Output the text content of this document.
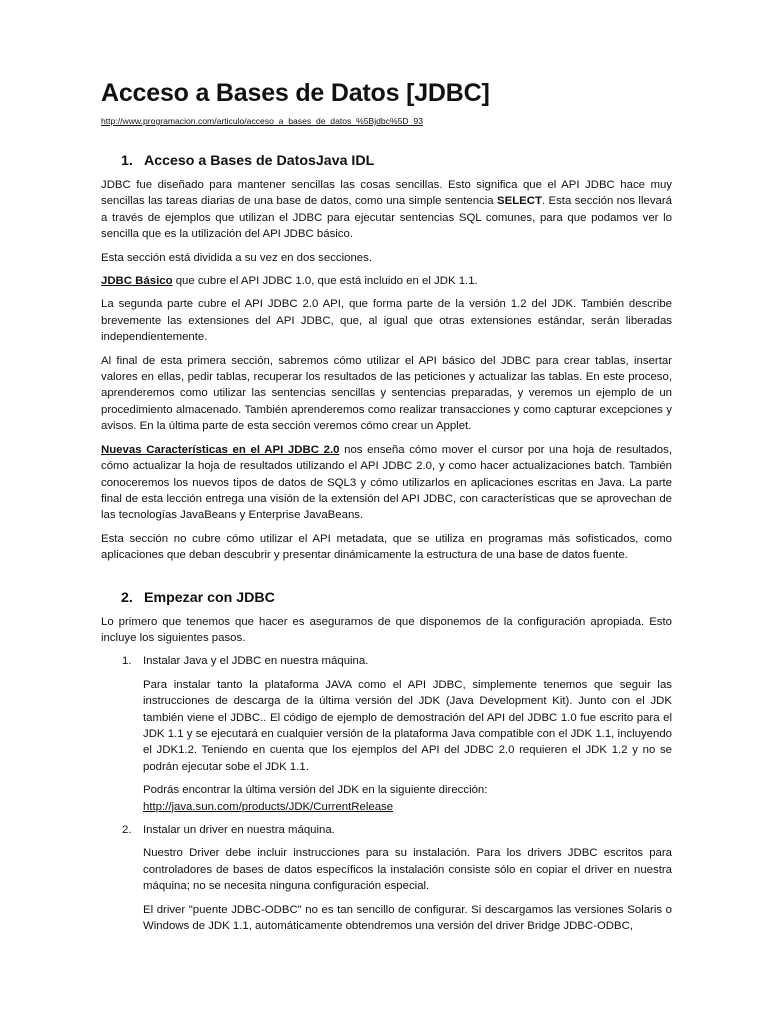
Acceso a Bases de Datos [JDBC]
http://www.programacion.com/articulo/acceso_a_bases_de_datos_%5Bjdbc%5D_93
1. Acceso a Bases de DatosJava IDL

JDBC fue diseñado para mantener sencillas las cosas sencillas. Esto significa que el API JDBC hace muy sencillas las tareas diarias de una base de datos, como una simple sentencia SELECT. Esta sección nos llevará a través de ejemplos que utilizan el JDBC para ejecutar sentencias SQL comunes, para que podamos ver lo sencilla que es la utilización del API JDBC básico.

Esta sección está dividida a su vez en dos secciones.

JDBC Básico que cubre el API JDBC 1.0, que está incluido en el JDK 1.1.

La segunda parte cubre el API JDBC 2.0 API, que forma parte de la versión 1.2 del JDK. También describe brevemente las extensiones del API JDBC, que, al igual que otras extensiones estándar, serán liberadas independientemente.

Al final de esta primera sección, sabremos cómo utilizar el API básico del JDBC para crear tablas, insertar valores en ellas, pedir tablas, recuperar los resultados de las peticiones y actualizar las tablas. En este proceso, aprenderemos como utilizar las sentencias sencillas y sentencias preparadas, y veremos un ejemplo de un procedimiento almacenado. También aprenderemos como realizar transacciones y como capturar excepciones y avisos. En la última parte de esta sección veremos cómo crear un Applet.

Nuevas Características en el API JDBC 2.0 nos enseña cómo mover el cursor por una hoja de resultados, cómo actualizar la hoja de resultados utilizando el API JDBC 2.0, y como hacer actualizaciones batch. También conoceremos los nuevos tipos de datos de SQL3 y cómo utilizarlos en aplicaciones escritas en Java. La parte final de esta lección entrega una visión de la extensión del API JDBC, con características que se aprovechan de las tecnologías JavaBeans y Enterprise JavaBeans.

Esta sección no cubre cómo utilizar el API metadata, que se utiliza en programas más sofisticados, como aplicaciones que deban descubrir y presentar dinámicamente la estructura de una base de datos fuente.

2. Empezar con JDBC

Lo primero que tenemos que hacer es asegurarnos de que disponemos de la configuración apropiada. Esto incluye los siguientes pasos.

1. Instalar Java y el JDBC en nuestra máquina.

Para instalar tanto la plataforma JAVA como el API JDBC, simplemente tenemos que seguir las instrucciones de descarga de la última versión del JDK (Java Development Kit). Junto con el JDK también viene el JDBC.. El código de ejemplo de demostración del API del JDBC 1.0 fue escrito para el JDK 1.1 y se ejecutará en cualquier versión de la plataforma Java compatible con el JDK 1.1, incluyendo el JDK1.2. Teniendo en cuenta que los ejemplos del API del JDBC 2.0 requieren el JDK 1.2 y no se podrán ejecutar sobe el JDK 1.1.

Podrás encontrar la última versión del JDK en la siguiente dirección:
http://java.sun.com/products/JDK/CurrentRelease

2. Instalar un driver en nuestra máquina.

Nuestro Driver debe incluir instrucciones para su instalación. Para los drivers JDBC escritos para controladores de bases de datos específicos la instalación consiste sólo en copiar el driver en nuestra máquina; no se necesita ninguna configuración especial.

El driver "puente JDBC-ODBC" no es tan sencillo de configurar. Si descargamos las versiones Solaris o Windows de JDK 1.1, automáticamente obtendremos una versión del driver Bridge JDBC-ODBC,
